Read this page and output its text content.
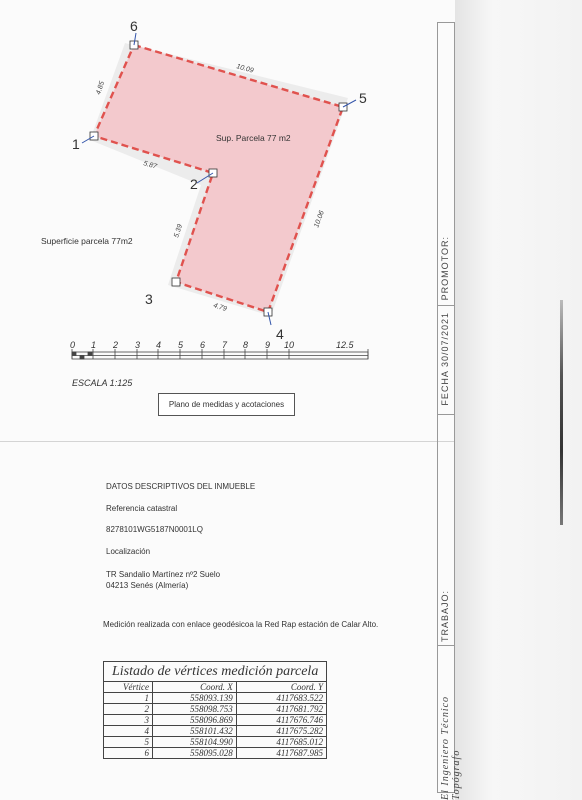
PROMOTOR:
FECHA 30/07/2021
TRABAJO:
El Ingeniero Técnico Topógrafo
1
2
3
4
5
6
5.87
5.39
4.79
10.06
10.09
4.85
0 1 2 3 4 5 6 7 8 9 10	12.5
Sup. Parcela 77 m2
Superficie parcela 77m2
ESCALA 1:125
Plano de medidas y acotaciones
DATOS DESCRIPTIVOS DEL INMUEBLE
Referencia catastral
8278101WG5187N0001LQ
Localización
TR Sandalio Martínez nº2 Suelo
04213 Senés (Almería)
Medición realizada con enlace geodésicoa la Red Rap estación de Calar Alto.
Listado de vértices medición parcela		
Vértice	Coord. X	Coord. Y
1	558093.139	4117683.522
2	558098.753	4117681.792
3	558096.869	4117676.746
4	558101.432	4117675.282
5	558104.990	4117685.012
6	558095.028	4117687.985
